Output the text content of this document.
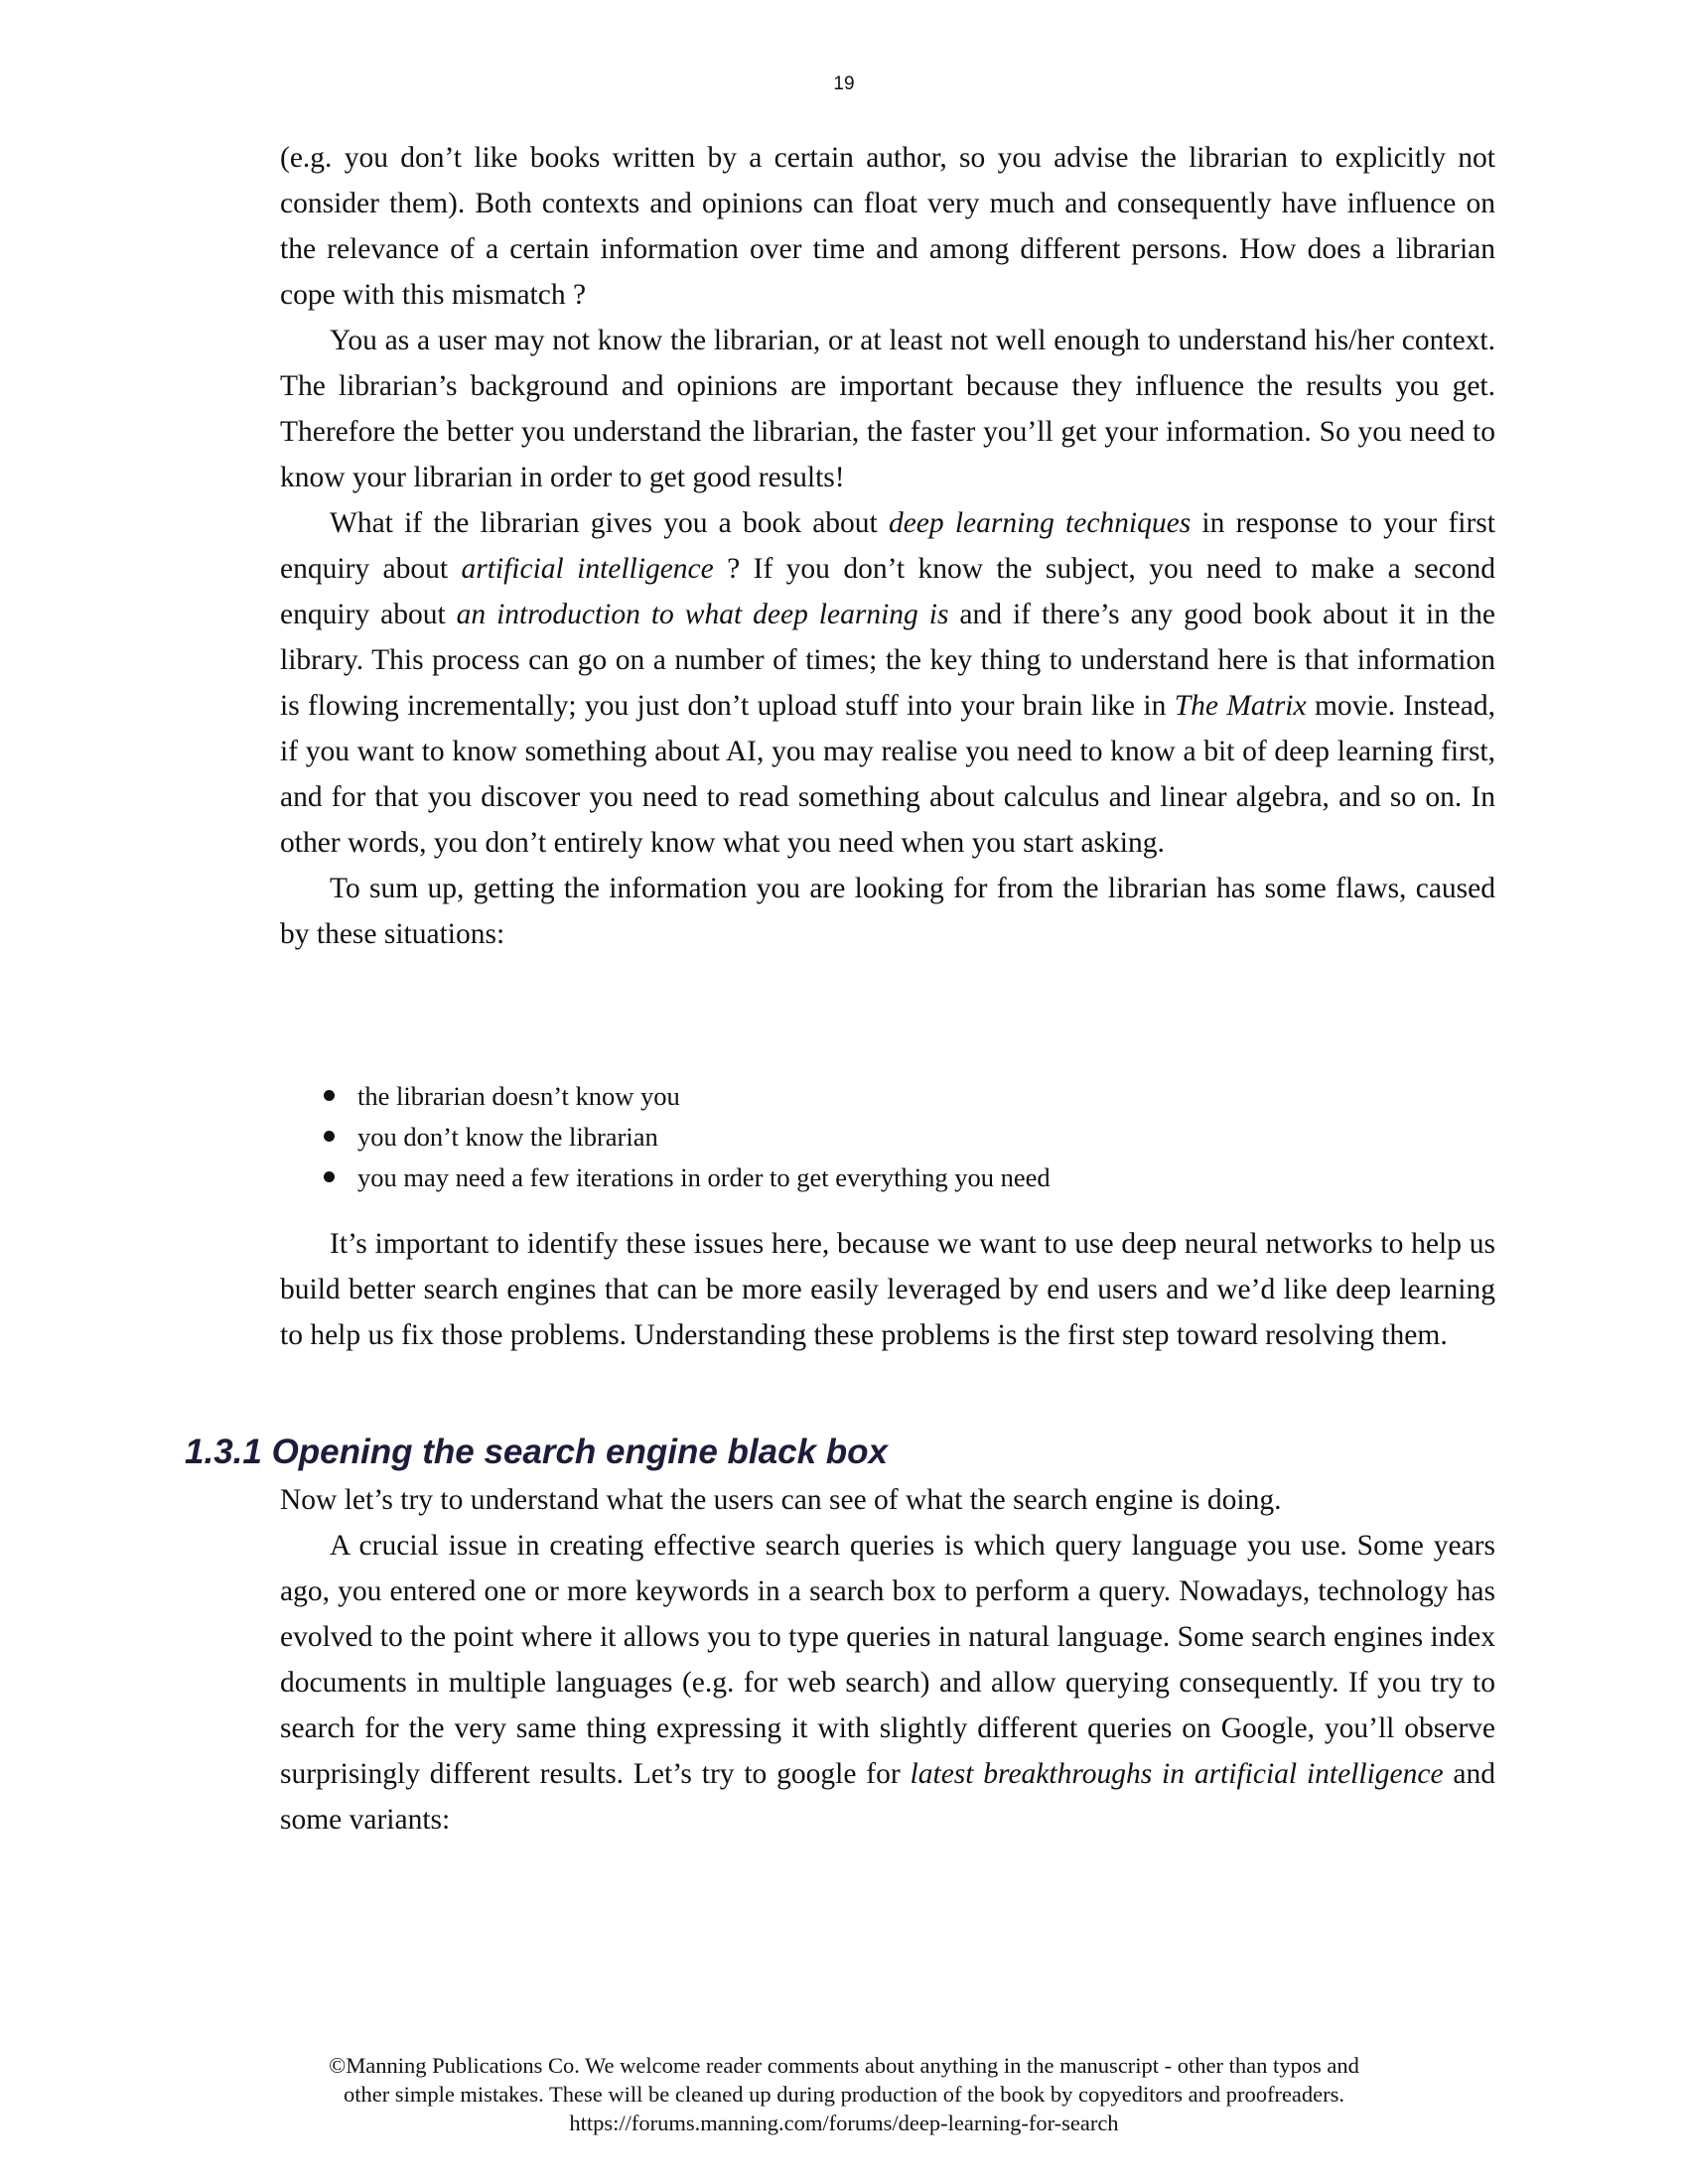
19

(e.g. you don’t like books written by a certain author, so you advise the librarian to explicitly not consider them). Both contexts and opinions can float very much and consequently have influence on the relevance of a certain information over time and among different persons. How does a librarian cope with this mismatch ?

You as a user may not know the librarian, or at least not well enough to understand his/her context. The librarian’s background and opinions are important because they influence the results you get. Therefore the better you understand the librarian, the faster you’ll get your information. So you need to know your librarian in order to get good results!

What if the librarian gives you a book about deep learning techniques in response to your first enquiry about artificial intelligence ? If you don’t know the subject, you need to make a second enquiry about an introduction to what deep learning is and if there’s any good book about it in the library. This process can go on a number of times; the key thing to understand here is that information is flowing incrementally; you just don’t upload stuff into your brain like in The Matrix movie. Instead, if you want to know something about AI, you may realise you need to know a bit of deep learning first, and for that you discover you need to read something about calculus and linear algebra, and so on. In other words, you don’t entirely know what you need when you start asking.

To sum up, getting the information you are looking for from the librarian has some flaws, caused by these situations:

the librarian doesn’t know you
you don’t know the librarian
you may need a few iterations in order to get everything you need

It’s important to identify these issues here, because we want to use deep neural networks to help us build better search engines that can be more easily leveraged by end users and we’d like deep learning to help us fix those problems. Understanding these problems is the first step toward resolving them.

1.3.1 Opening the search engine black box

Now let’s try to understand what the users can see of what the search engine is doing.

A crucial issue in creating effective search queries is which query language you use. Some years ago, you entered one or more keywords in a search box to perform a query. Nowadays, technology has evolved to the point where it allows you to type queries in natural language. Some search engines index documents in multiple languages (e.g. for web search) and allow querying consequently. If you try to search for the very same thing expressing it with slightly different queries on Google, you’ll observe surprisingly different results. Let’s try to google for latest breakthroughs in artificial intelligence and some variants:

©Manning Publications Co. We welcome reader comments about anything in the manuscript - other than typos and
other simple mistakes. These will be cleaned up during production of the book by copyeditors and proofreaders.
https://forums.manning.com/forums/deep-learning-for-search
